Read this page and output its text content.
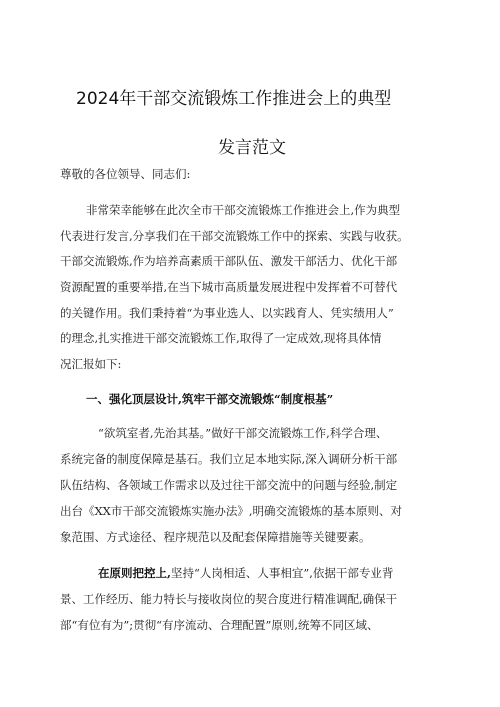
2024年干部交流锻炼工作推进会上的典型
发言范文
尊敬的各位领导、同志们:
非常荣幸能够在此次全市干部交流锻炼工作推进会上,作为典型
代表进行发言,分享我们在干部交流锻炼工作中的探索、实践与收获。
干部交流锻炼,作为培养高素质干部队伍、激发干部活力、优化干部
资源配置的重要举措,在当下城市高质量发展进程中发挥着不可替代
的关键作用。我们秉持着“为事业选人、以实践育人、凭实绩用人”
的理念,扎实推进干部交流锻炼工作,取得了一定成效,现将具体情
况汇报如下:
一、强化顶层设计,筑牢干部交流锻炼“制度根基”
“欲筑室者,先治其基。”做好干部交流锻炼工作,科学合理、
系统完备的制度保障是基石。我们立足本地实际,深入调研分析干部
队伍结构、各领域工作需求以及过往干部交流中的问题与经验,制定
出台《XX市干部交流锻炼实施办法》,明确交流锻炼的基本原则、对
象范围、方式途径、程序规范以及配套保障措施等关键要素。
在原则把控上,坚持“人岗相适、人事相宜”,依据干部专业背
景、工作经历、能力特长与接收岗位的契合度进行精准调配,确保干
部“有位有为”;贯彻“有序流动、合理配置”原则,统筹不同区域、
